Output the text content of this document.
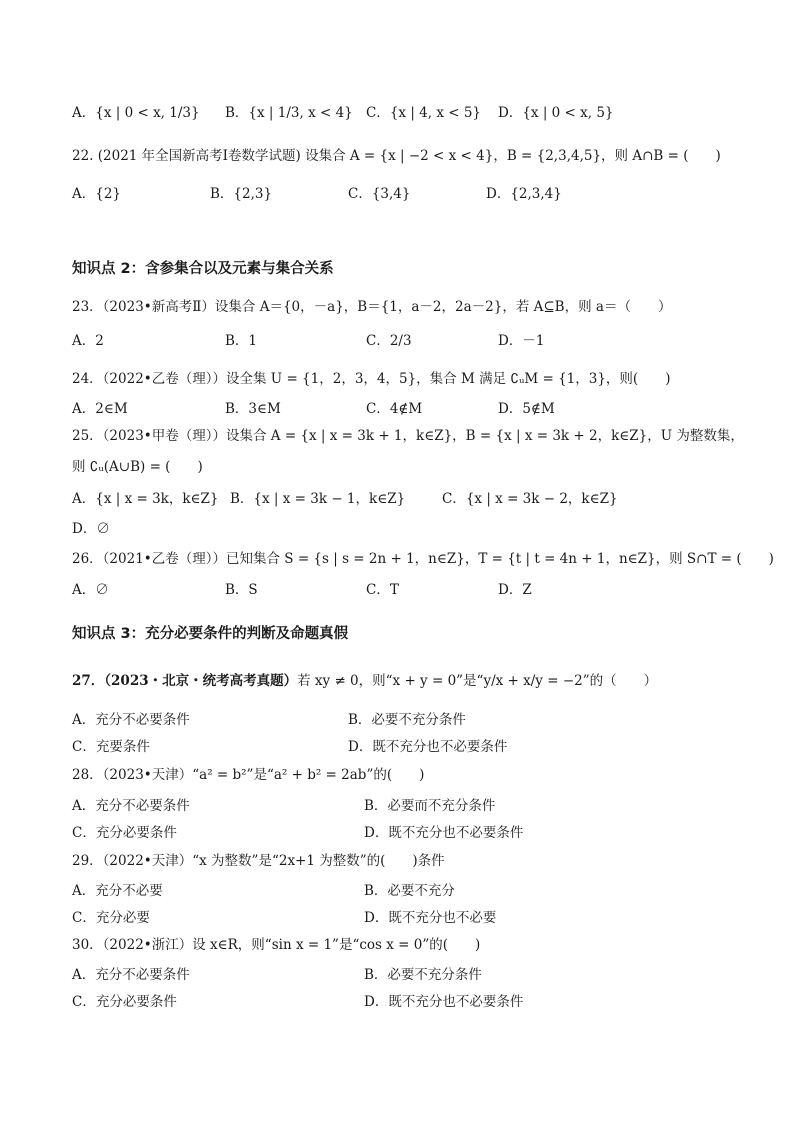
A．{x | 0 < x, 1/3} B．{x | 1/3, x < 4} C．{x | 4, x < 5} D．{x | 0 < x, 5}
22. (2021 年全国新高考Ⅰ卷数学试题) 设集合 A = {x | −2 < x < 4}，B = {2,3,4,5}，则 A∩B = (　　)
A．{2}	B．{2,3}	C．{3,4}	D．{2,3,4}
知识点 2：含参集合以及元素与集合关系
23．（2023•新高考Ⅱ）设集合 A＝{0，－a}，B＝{1，a－2，2a－2}，若 A⊆B，则 a＝（　　）
A．2	B．1	C．2/3	D．－1
24．（2022•乙卷（理））设全集 U = {1，2，3，4，5}，集合 M 满足 ∁ᵤM = {1，3}，则(　　)
A．2∈M	B．3∈M	C．4∉M	D．5∉M
25．（2023•甲卷（理））设集合 A = {x | x = 3k + 1，k∈Z}，B = {x | x = 3k + 2，k∈Z}，U 为整数集，
则 ∁ᵤ(A∪B) = (　　)
A．{x | x = 3k，k∈Z} B．{x | x = 3k − 1，k∈Z}	C．{x | x = 3k − 2，k∈Z}
D．∅
26．（2021•乙卷（理））已知集合 S = {s | s = 2n + 1，n∈Z}，T = {t | t = 4n + 1，n∈Z}，则 S∩T = (　　)
A．∅	B．S	C．T	D．Z
知识点 3：充分必要条件的判断及命题真假
27．（2023・北京・统考高考真题）若 xy ≠ 0，则“x + y = 0”是“y/x + x/y = −2”的（　　）
A．充分不必要条件	B．必要不充分条件
C．充要条件	D．既不充分也不必要条件
28．（2023•天津）“a² = b²”是“a² + b² = 2ab”的(　　)
A．充分不必要条件	B．必要而不充分条件
C．充分必要条件	D．既不充分也不必要条件
29．（2022•天津）“x 为整数”是“2x+1 为整数”的(　　)条件
A．充分不必要	B．必要不充分
C．充分必要	D．既不充分也不必要
30．（2022•浙江）设 x∈R，则“sin x = 1”是“cos x = 0”的(　　)
A．充分不必要条件	B．必要不充分条件
C．充分必要条件	D．既不充分也不必要条件
